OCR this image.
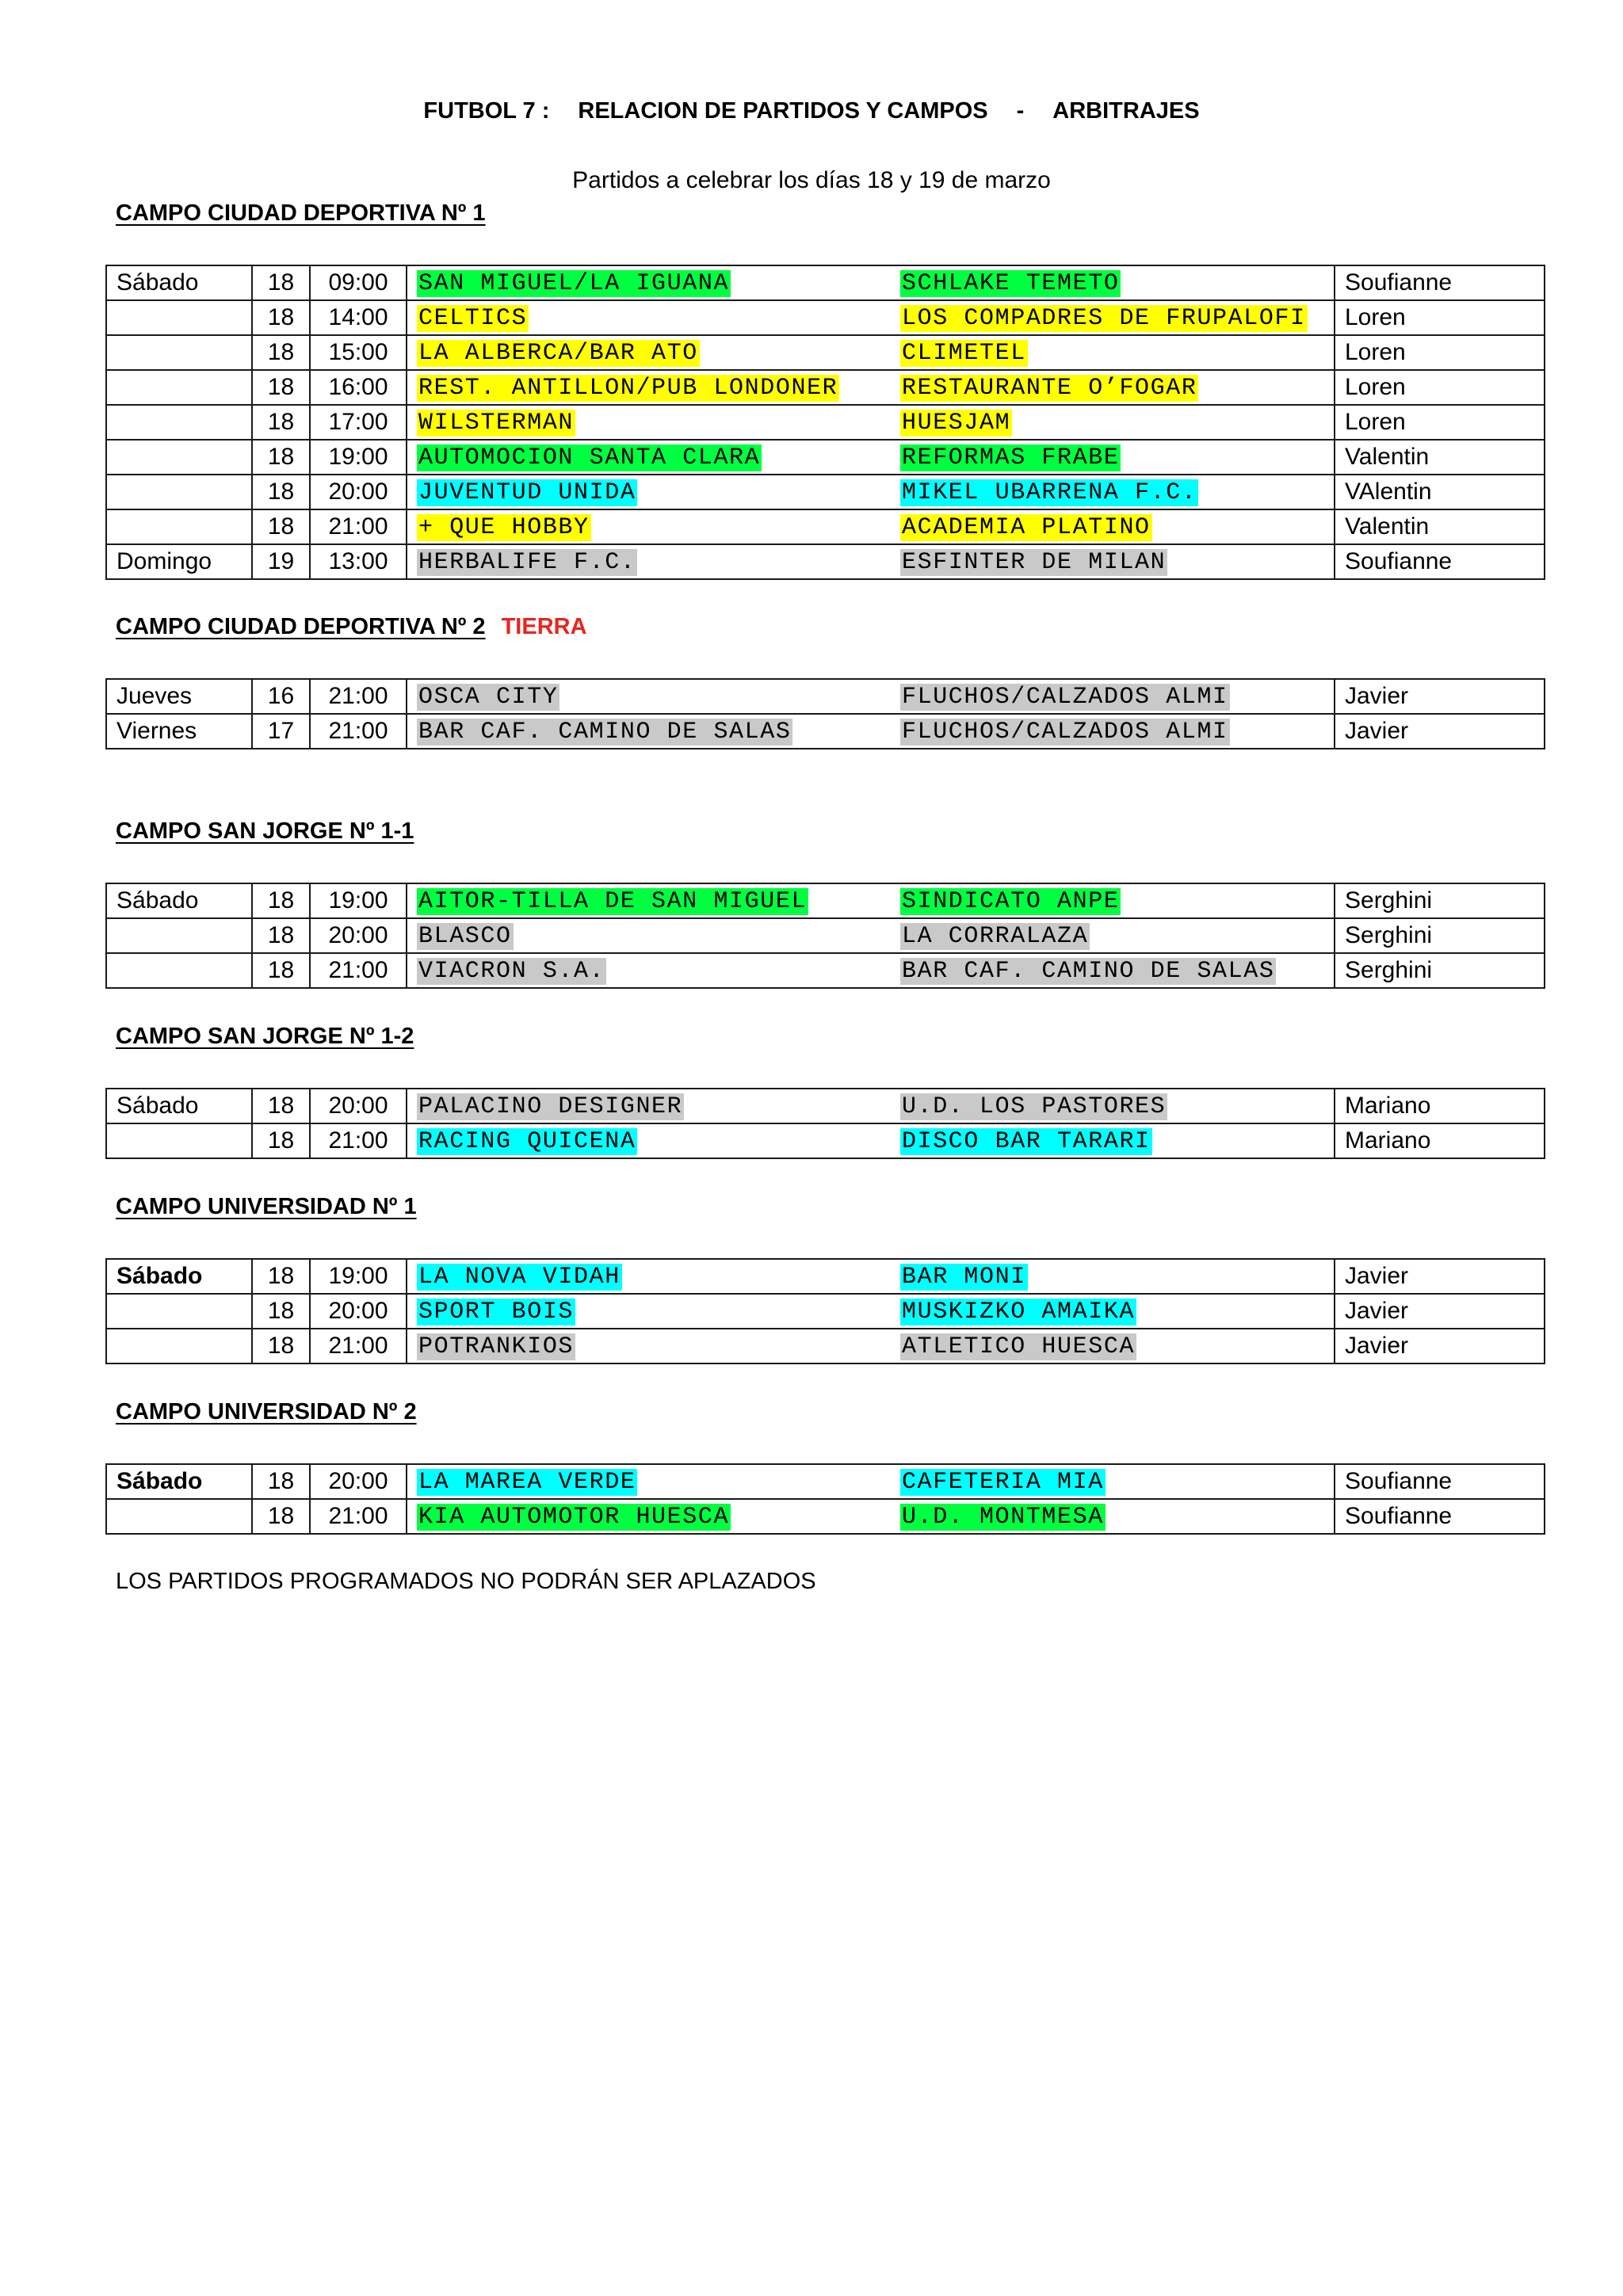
FUTBOL 7 : RELACION DE PARTIDOS Y CAMPOS - ARBITRAJES
Partidos a celebrar los días 18 y 19 de marzo
CAMPO CIUDAD DEPORTIVA Nº 1
Sábado	18	09:00	SAN MIGUEL/LA IGUANA	SCHLAKE TEMETO	Soufianne
	18	14:00	CELTICS	LOS COMPADRES DE FRUPALOFI	Loren
	18	15:00	LA ALBERCA/BAR ATO	CLIMETEL	Loren
	18	16:00	REST. ANTILLON/PUB LONDONER	RESTAURANTE O’FOGAR	Loren
	18	17:00	WILSTERMAN	HUESJAM	Loren
	18	19:00	AUTOMOCION SANTA CLARA	REFORMAS FRABE	Valentin
	18	20:00	JUVENTUD UNIDA	MIKEL UBARRENA F.C.	VAlentin
	18	21:00	+ QUE HOBBY	ACADEMIA PLATINO	Valentin
Domingo	19	13:00	HERBALIFE F.C.	ESFINTER DE MILAN	Soufianne
CAMPO CIUDAD DEPORTIVA Nº 2 TIERRA
Jueves	16	21:00	OSCA CITY	FLUCHOS/CALZADOS ALMI	Javier
Viernes	17	21:00	BAR CAF. CAMINO DE SALAS	FLUCHOS/CALZADOS ALMI	Javier
CAMPO SAN JORGE Nº 1-1
Sábado	18	19:00	AITOR-TILLA DE SAN MIGUEL	SINDICATO ANPE	Serghini
	18	20:00	BLASCO	LA CORRALAZA	Serghini
	18	21:00	VIACRON S.A.	BAR CAF. CAMINO DE SALAS	Serghini
CAMPO SAN JORGE Nº 1-2
Sábado	18	20:00	PALACINO DESIGNER	U.D. LOS PASTORES	Mariano
	18	21:00	RACING QUICENA	DISCO BAR TARARI	Mariano
CAMPO UNIVERSIDAD Nº 1
Sábado	18	19:00	LA NOVA VIDAH	BAR MONI	Javier
	18	20:00	SPORT BOIS	MUSKIZKO AMAIKA	Javier
	18	21:00	POTRANKIOS	ATLETICO HUESCA	Javier
CAMPO UNIVERSIDAD Nº 2
Sábado	18	20:00	LA MAREA VERDE	CAFETERIA MIA	Soufianne
	18	21:00	KIA AUTOMOTOR HUESCA	U.D. MONTMESA	Soufianne
LOS PARTIDOS PROGRAMADOS NO PODRÁN SER APLAZADOS
